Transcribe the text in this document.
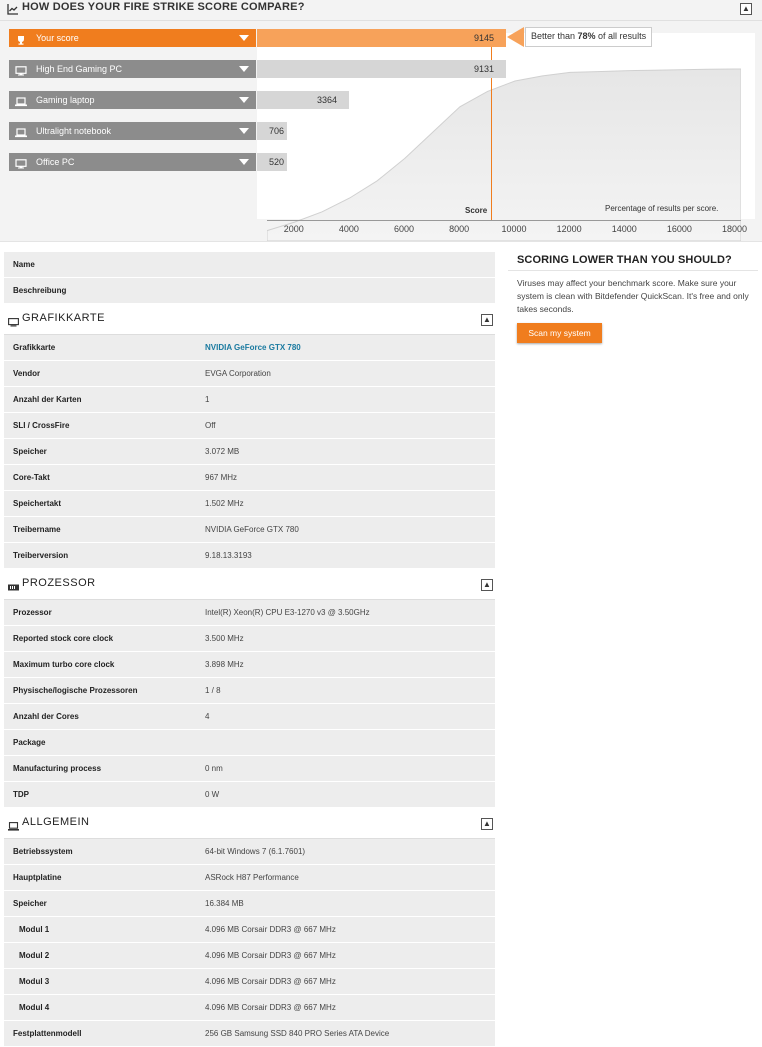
HOW DOES YOUR FIRE STRIKE SCORE COMPARE?	▲
Your score	9145
High End Gaming PC	9131
Gaming laptop	3364
Ultralight notebook	706
Office PC	520
Better than 78% of all results
2000	4000	6000	8000	10000	12000	14000	16000	18000
Score	Percentage of results per score.
Name
Beschreibung
GRAFIKKARTE	▲
Grafikkarte	NVIDIA GeForce GTX 780
Vendor	EVGA Corporation
Anzahl der Karten	1
SLI / CrossFire	Off
Speicher	3.072 MB
Core-Takt	967 MHz
Speichertakt	1.502 MHz
Treibername	NVIDIA GeForce GTX 780
Treiberversion	9.18.13.3193
PROZESSOR	▲
Prozessor	Intel(R) Xeon(R) CPU E3-1270 v3 @ 3.50GHz
Reported stock core clock	3.500 MHz
Maximum turbo core clock	3.898 MHz
Physische/logische Prozessoren	1 / 8
Anzahl der Cores	4
Package
Manufacturing process	0 nm
TDP	0 W
ALLGEMEIN	▲
Betriebssystem	64-bit Windows 7 (6.1.7601)
Hauptplatine	ASRock H87 Performance
Speicher	16.384 MB
Modul 1	4.096 MB Corsair DDR3 @ 667 MHz
Modul 2	4.096 MB Corsair DDR3 @ 667 MHz
Modul 3	4.096 MB Corsair DDR3 @ 667 MHz
Modul 4	4.096 MB Corsair DDR3 @ 667 MHz
Festplattenmodell	256 GB Samsung SSD 840 PRO Series ATA Device
SCORING LOWER THAN YOU SHOULD?
Viruses may affect your benchmark score. Make sure your system is clean with Bitdefender QuickScan. It's free and only takes seconds.
Scan my system
